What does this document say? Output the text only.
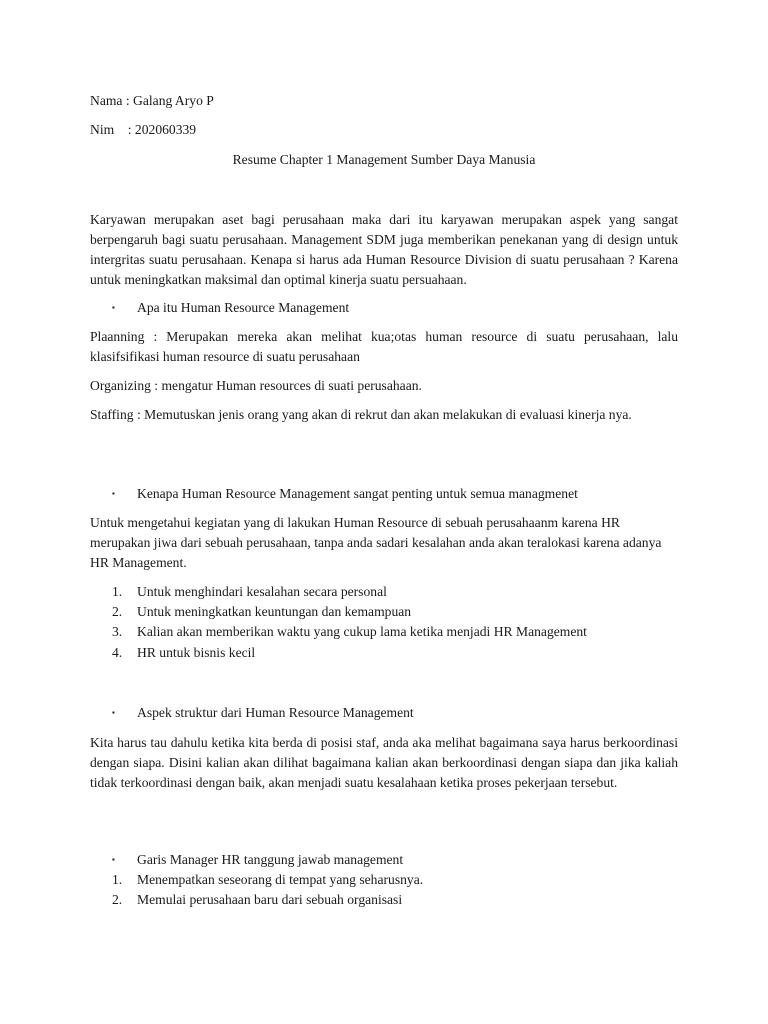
Nama : Galang Aryo P

Nim    : 202060339

Resume Chapter 1 Management Sumber Daya Manusia

Karyawan merupakan aset bagi perusahaan maka dari itu karyawan merupakan aspek yang sangat berpengaruh bagi suatu perusahaan. Management SDM juga memberikan penekanan yang di design untuk intergritas suatu perusahaan. Kenapa si harus ada Human Resource Division di suatu perusahaan ? Karena untuk meningkatkan maksimal dan optimal kinerja suatu persuahaan.

▪ Apa itu Human Resource Management

Plaanning : Merupakan mereka akan melihat kua;otas human resource di suatu perusahaan, lalu klasifsifikasi human resource di suatu perusahaan

Organizing : mengatur Human resources di suati perusahaan.

Staffing : Memutuskan jenis orang yang akan di rekrut dan akan melakukan di evaluasi kinerja nya.

▪ Kenapa Human Resource Management sangat penting untuk semua managmenet

Untuk mengetahui kegiatan yang di lakukan Human Resource di sebuah perusahaanm karena HR merupakan jiwa dari sebuah perusahaan, tanpa anda sadari kesalahan anda akan teralokasi karena adanya HR Management.

1.	Untuk menghindari kesalahan secara personal
2.	Untuk meningkatkan keuntungan dan kemampuan
3.	Kalian akan memberikan waktu yang cukup lama ketika menjadi HR Management
4.	HR untuk bisnis kecil
▪ Aspek struktur dari Human Resource Management

Kita harus tau dahulu ketika kita berda di posisi staf, anda aka melihat bagaimana saya harus berkoordinasi dengan siapa. Disini kalian akan dilihat bagaimana kalian akan berkoordinasi dengan siapa dan jika kaliah tidak terkoordinasi dengan baik, akan menjadi suatu kesalahaan ketika proses pekerjaan tersebut.

▪ Garis Manager HR tanggung jawab management
1.	Menempatkan seseorang di tempat yang seharusnya.
2.	Memulai perusahaan baru dari sebuah organisasi
